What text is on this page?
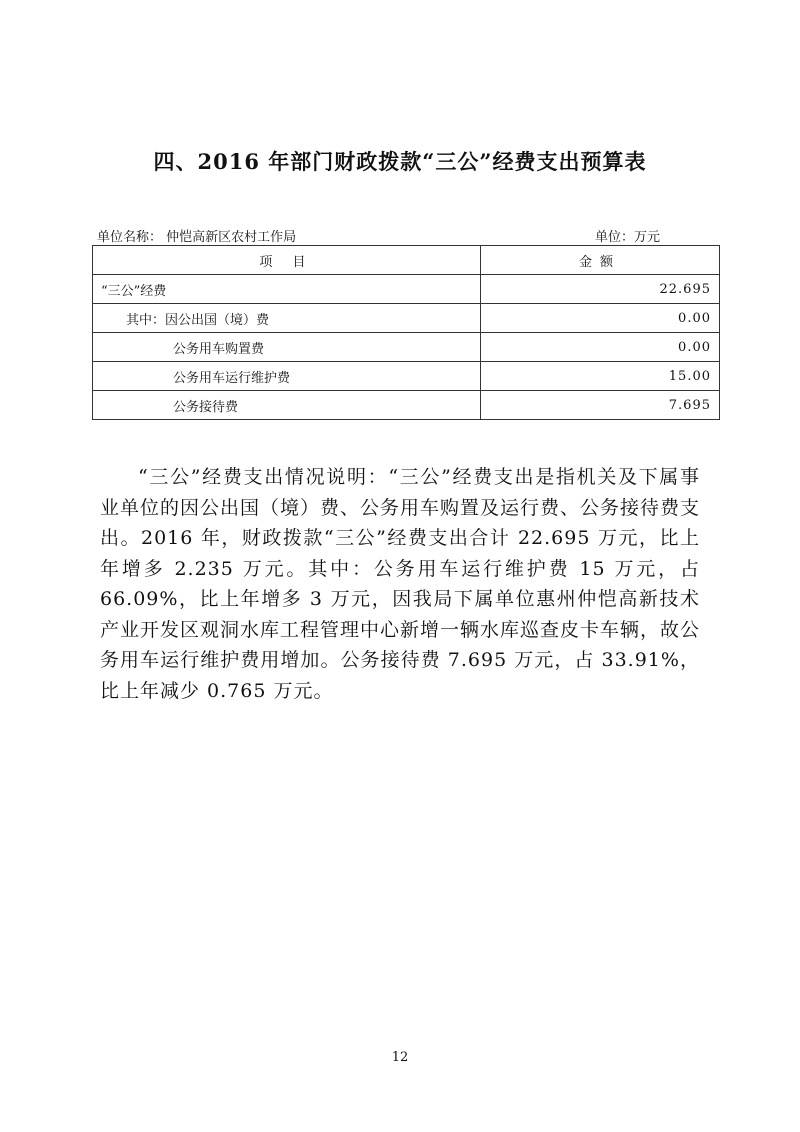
四、2016 年部门财政拨款“三公”经费支出预算表
单位名称： 仲恺高新区农村工作局	单位：万元
项 目	金额
“三公”经费	22.695
其中：因公出国（境）费	0.00
公务用车购置费	0.00
公务用车运行维护费	15.00
公务接待费	7.695

“三公”经费支出情况说明：“三公”经费支出是指机关及下属事业单位的因公出国（境）费、公务用车购置及运行费、公务接待费支出。2016 年，财政拨款“三公”经费支出合计 22.695 万元，比上年增多 2.235 万元。其中：公务用车运行维护费 15 万元，占 66.09%，比上年增多 3 万元，因我局下属单位惠州仲恺高新技术产业开发区观洞水库工程管理中心新增一辆水库巡查皮卡车辆，故公务用车运行维护费用增加。公务接待费 7.695 万元，占 33.91%，比上年减少 0.765 万元。

12
